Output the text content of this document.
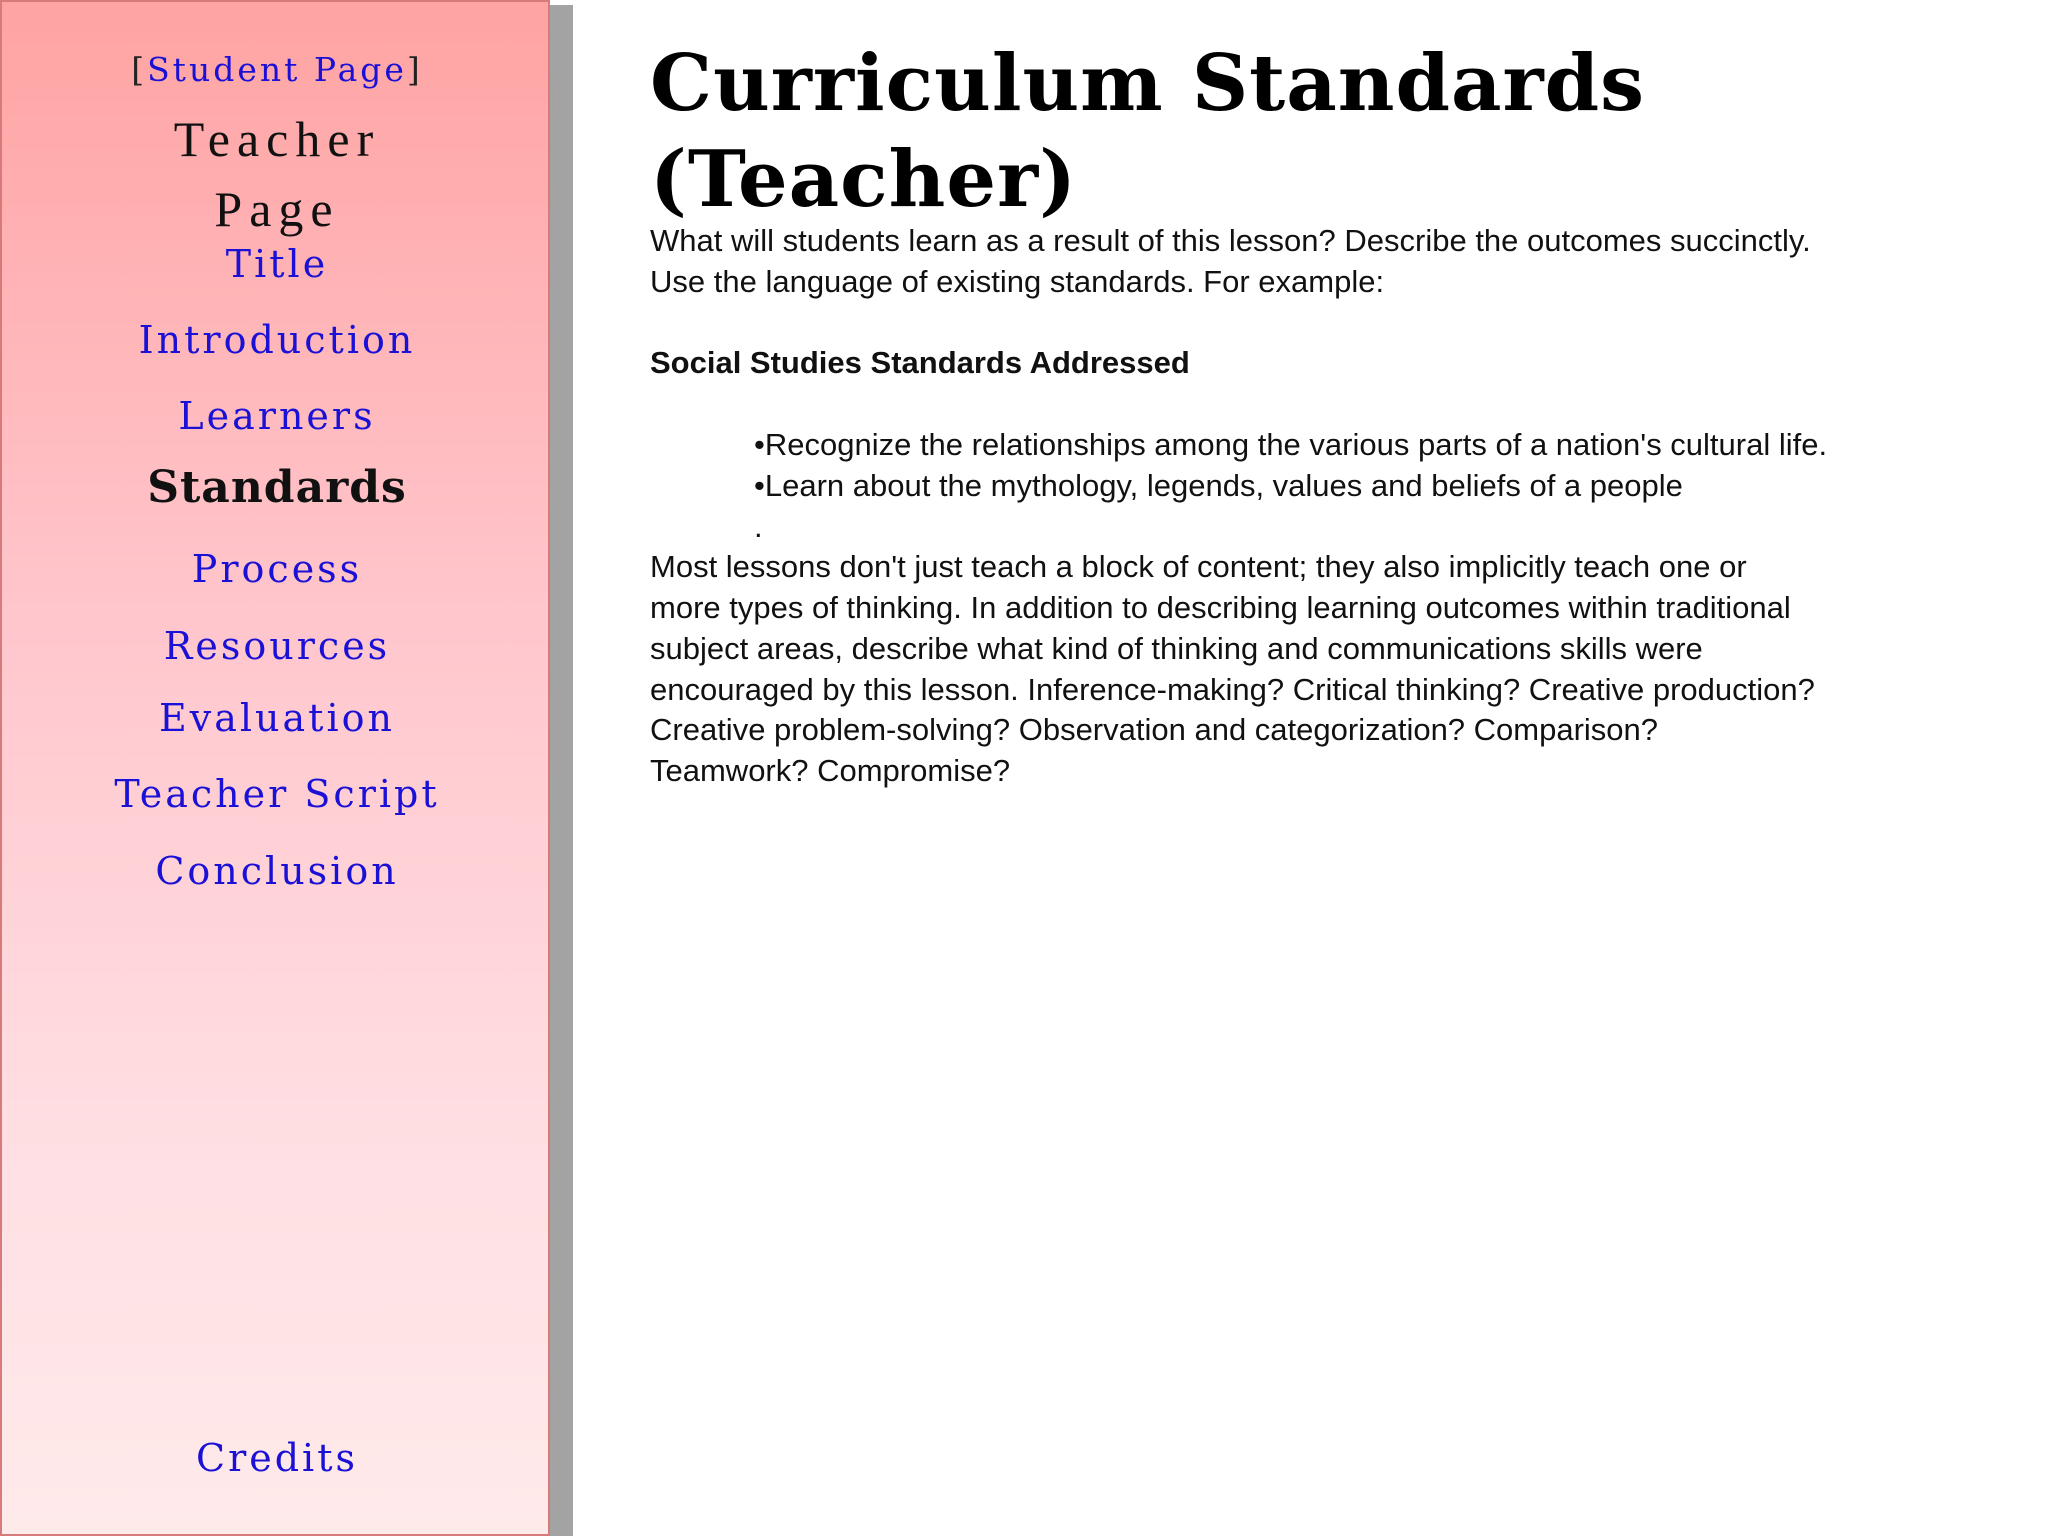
[Student Page]
Teacher
Page
Title
Introduction
Learners
Standards
Process
Resources
Evaluation
Teacher Script
Conclusion
Credits
Curriculum Standards
(Teacher)

What will students learn as a result of this lesson? Describe the outcomes succinctly.

Use the language of existing standards. For example:

Social Studies Standards Addressed

•Recognize the relationships among the various parts of a nation's cultural life.

•Learn about the mythology, legends, values and beliefs of a people

.

Most lessons don't just teach a block of content; they also implicitly teach one or

more types of thinking. In addition to describing learning outcomes within traditional

subject areas, describe what kind of thinking and communications skills were

encouraged by this lesson. Inference-making? Critical thinking? Creative production?

Creative problem-solving? Observation and categorization? Comparison?

Teamwork? Compromise?
